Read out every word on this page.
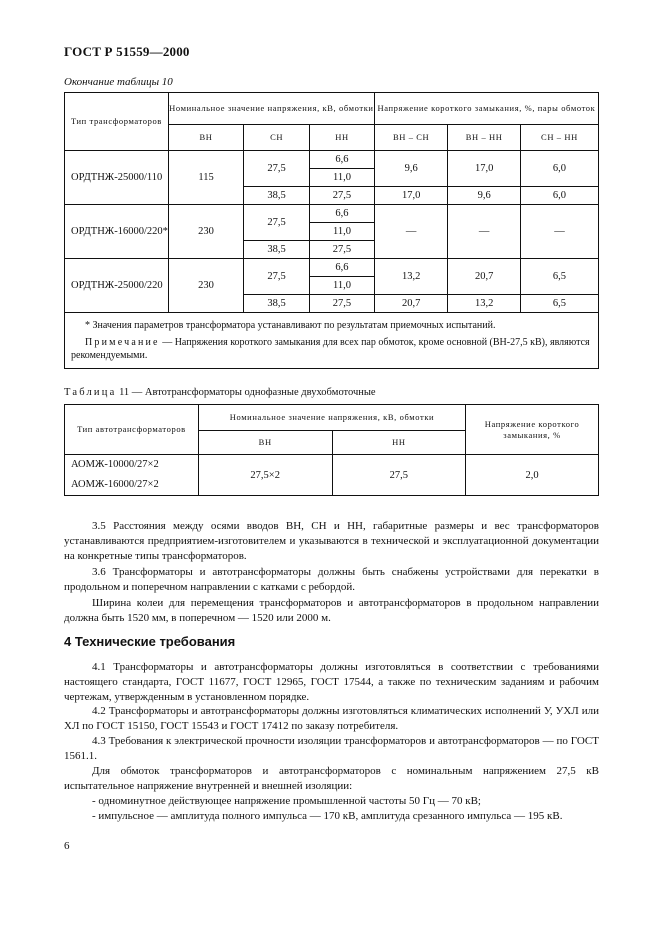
ГОСТ Р 51559—2000
Окончание таблицы 10
Тип трансформаторов	Номинальное значение напряжения, кВ, обмотки			Напряжение короткого замыкания, %, пары обмоток		
	ВН	СН	НН	ВН – СН	ВН – НН	СН – НН
ОРДТНЖ-25000/110	115	27,5	6,6	9,6	17,0	6,0
			11,0			
		38,5	27,5	17,0	9,6	6,0
ОРДТНЖ-16000/220*	230	27,5	6,6	—	—	—
			11,0			
		38,5	27,5			
ОРДТНЖ-25000/220	230	27,5	6,6	13,2	20,7	6,5
			11,0			
		38,5	27,5	20,7	13,2	6,5

* Значения параметров трансформатора устанавливают по результатам приемочных испытаний.
Примечание — Напряжения короткого замыкания для всех пар обмоток, кроме основной (ВН-27,5 кВ), являются рекомендуемыми.						
Таблица 11 — Автотрансформаторы однофазные двухобмоточные
Тип автотрансформаторов	Номинальное значение напряжения, кВ, обмотки		Напряжение короткого замыкания, %
	ВН	НН	

АОМЖ-10000/27×2
АОМЖ-16000/27×2	27,5×2	27,5	2,0
3.5 Расстояния между осями вводов ВН, СН и НН, габаритные размеры и вес трансформаторов устанавливаются предприятием-изготовителем и указываются в технической и эксплуатационной документации на конкретные типы трансформаторов.
3.6 Трансформаторы и автотрансформаторы должны быть снабжены устройствами для перекатки в продольном и поперечном направлении с катками с ребордой.
Ширина колеи для перемещения трансформаторов и автотрансформаторов в продольном направлении должна быть 1520 мм, в поперечном — 1520 или 2000 м.
4 Технические требования
4.1 Трансформаторы и автотрансформаторы должны изготовляться в соответствии с требованиями настоящего стандарта, ГОСТ 11677, ГОСТ 12965, ГОСТ 17544, а также по техническим заданиям и рабочим чертежам, утвержденным в установленном порядке.
4.2 Трансформаторы и автотрансформаторы должны изготовляться климатических исполнений У, УХЛ или ХЛ по ГОСТ 15150, ГОСТ 15543 и ГОСТ 17412 по заказу потребителя.
4.3 Требования к электрической прочности изоляции трансформаторов и автотрансформаторов — по ГОСТ 1561.1.
Для обмоток трансформаторов и автотрансформаторов с номинальным напряжением 27,5 кВ испытательное напряжение внутренней и внешней изоляции:
- одноминутное действующее напряжение промышленной частоты 50 Гц — 70 кВ;
- импульсное — амплитуда полного импульса — 170 кВ, амплитуда срезанного импульса — 195 кВ.
6
